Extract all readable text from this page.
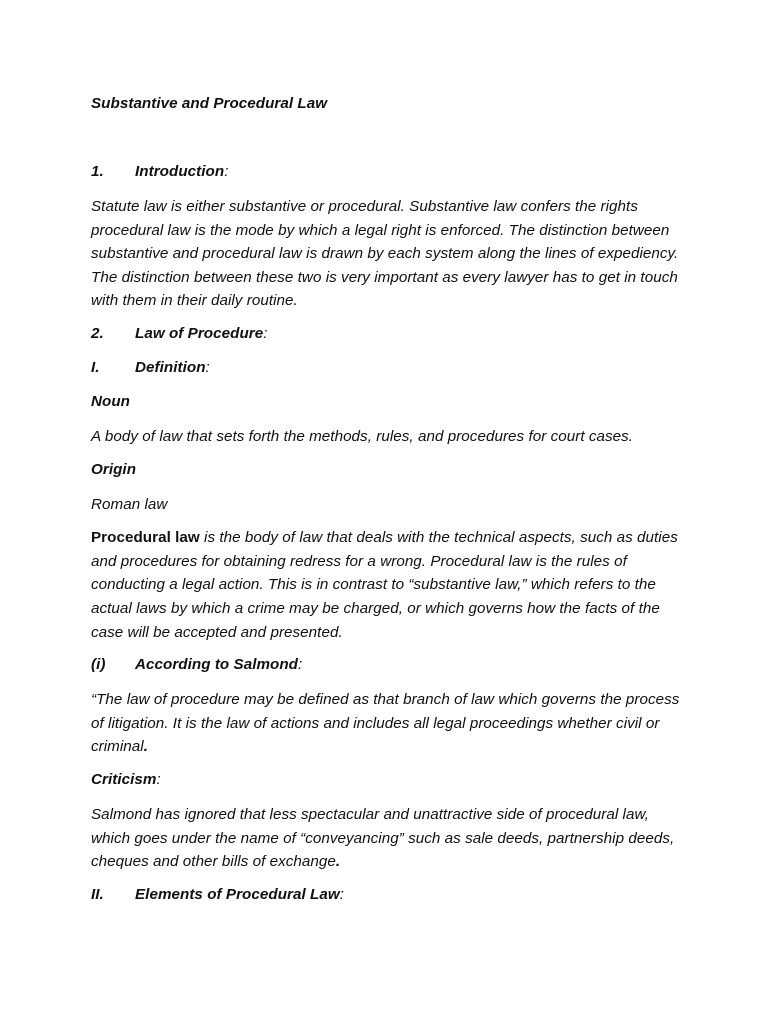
Substantive and Procedural Law

1.	Introduction:

Statute law is either substantive or procedural. Substantive law confers the rights procedural law is the mode by which a legal right is enforced. The distinction between substantive and procedural law is drawn by each system along the lines of expediency. The distinction between these two is very important as every lawyer has to get in touch with them in their daily routine.

2.	Law of Procedure:

I.	Definition:

Noun

A body of law that sets forth the methods, rules, and procedures for court cases.

Origin

Roman law

Procedural law is the body of law that deals with the technical aspects, such as duties and procedures for obtaining redress for a wrong. Procedural law is the rules of conducting a legal action. This is in contrast to “substantive law,” which refers to the actual laws by which a crime may be charged, or which governs how the facts of the case will be accepted and presented.

(i)	According to Salmond:

“The law of procedure may be defined as that branch of law which governs the process of litigation. It is the law of actions and includes all legal proceedings whether civil or criminal.

Criticism:

Salmond has ignored that less spectacular and unattractive side of procedural law, which goes under the name of “conveyancing” such as sale deeds, partnership deeds, cheques and other bills of exchange.

II.	Elements of Procedural Law:
